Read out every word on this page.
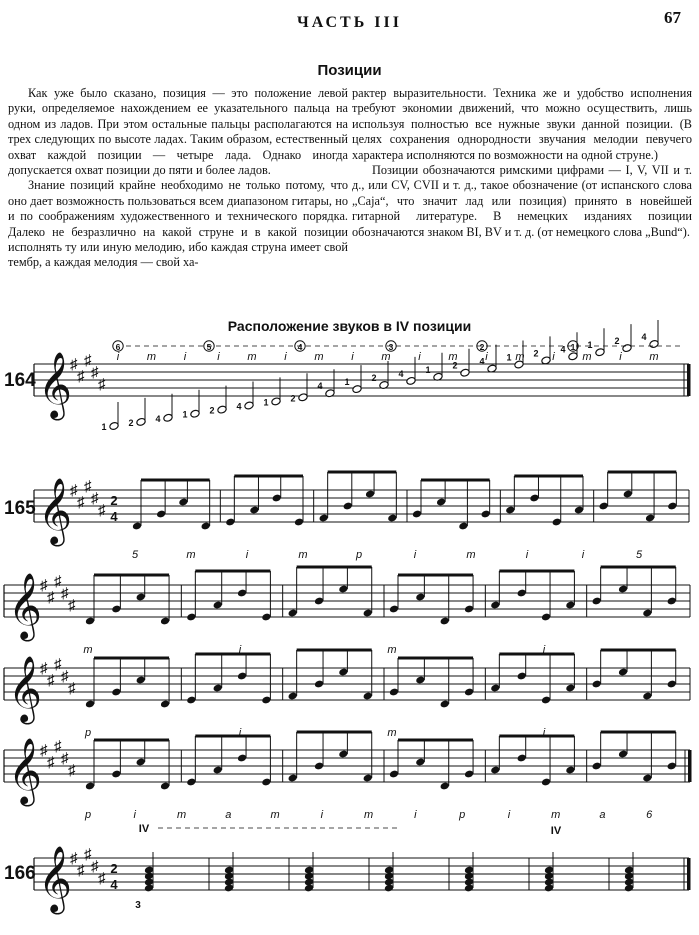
ЧАСТЬ III	67
Позиции

Как уже было сказано, позиция — это положение левой руки, определяемое нахождением ее указательного пальца на одном из ладов. При этом остальные пальцы располагаются на трех следующих по высоте ладах. Таким образом, естественный охват каждой позиции — четыре лада. Однако иногда допускается охват позиции до пяти и более ладов.

Знание позиций крайне необходимо не только потому, что оно дает возможность пользоваться всем диапазоном гитары, но и по соображениям художественного и технического порядка. Далеко не безразлично на какой струне и в какой позиции исполнять ту или иную мелодию, ибо каждая струна имеет свой тембр, а каждая мелодия — свой ха-

рактер выразительности. Техника же и удобство исполнения требуют экономии движений, что можно осуществить, лишь используя полностью все нужные звуки данной позиции. (В целях сохранения однородности звучания мелодии певучего характера исполняются по возможности на одной струне.)

Позиции обозначаются римскими цифрами — I, V, VII и т. д., или CV, CVII и т. д., такое обозначение (от испанского слова „Caja“, что значит лад или позиция) принято в новейшей гитарной литературе. В немецких изданиях позиции обозначаются знаком BI, BV и т. д. (от немецкого слова „Bund“).

Расположение звуков в IV позиции
164
165
166
𝄞
♯
♯
♯
♯
♯
1 2 4 1 2 4 1 2
4 1 2 4 1 2 4 1 2 4 1 2 4
i	m	i	i	m	i	m	i	m	i	m	i	m	i	m	i	m
6	5	4	3	2	1
𝄞
♯
♯
♯
♯
♯
2
4
5	m	i	m	p	i	m	i	i	5
𝄞
♯
♯
♯
♯
♯
m	i	m	i
𝄞
♯
♯
♯
♯
♯
p	i	m	i
𝄞
♯
♯
♯
♯
♯
p	i	m	a	m	i	m	i	p	i	m	a	6
𝄞
♯
♯
♯
♯
♯
2
4
IV	IV
3
